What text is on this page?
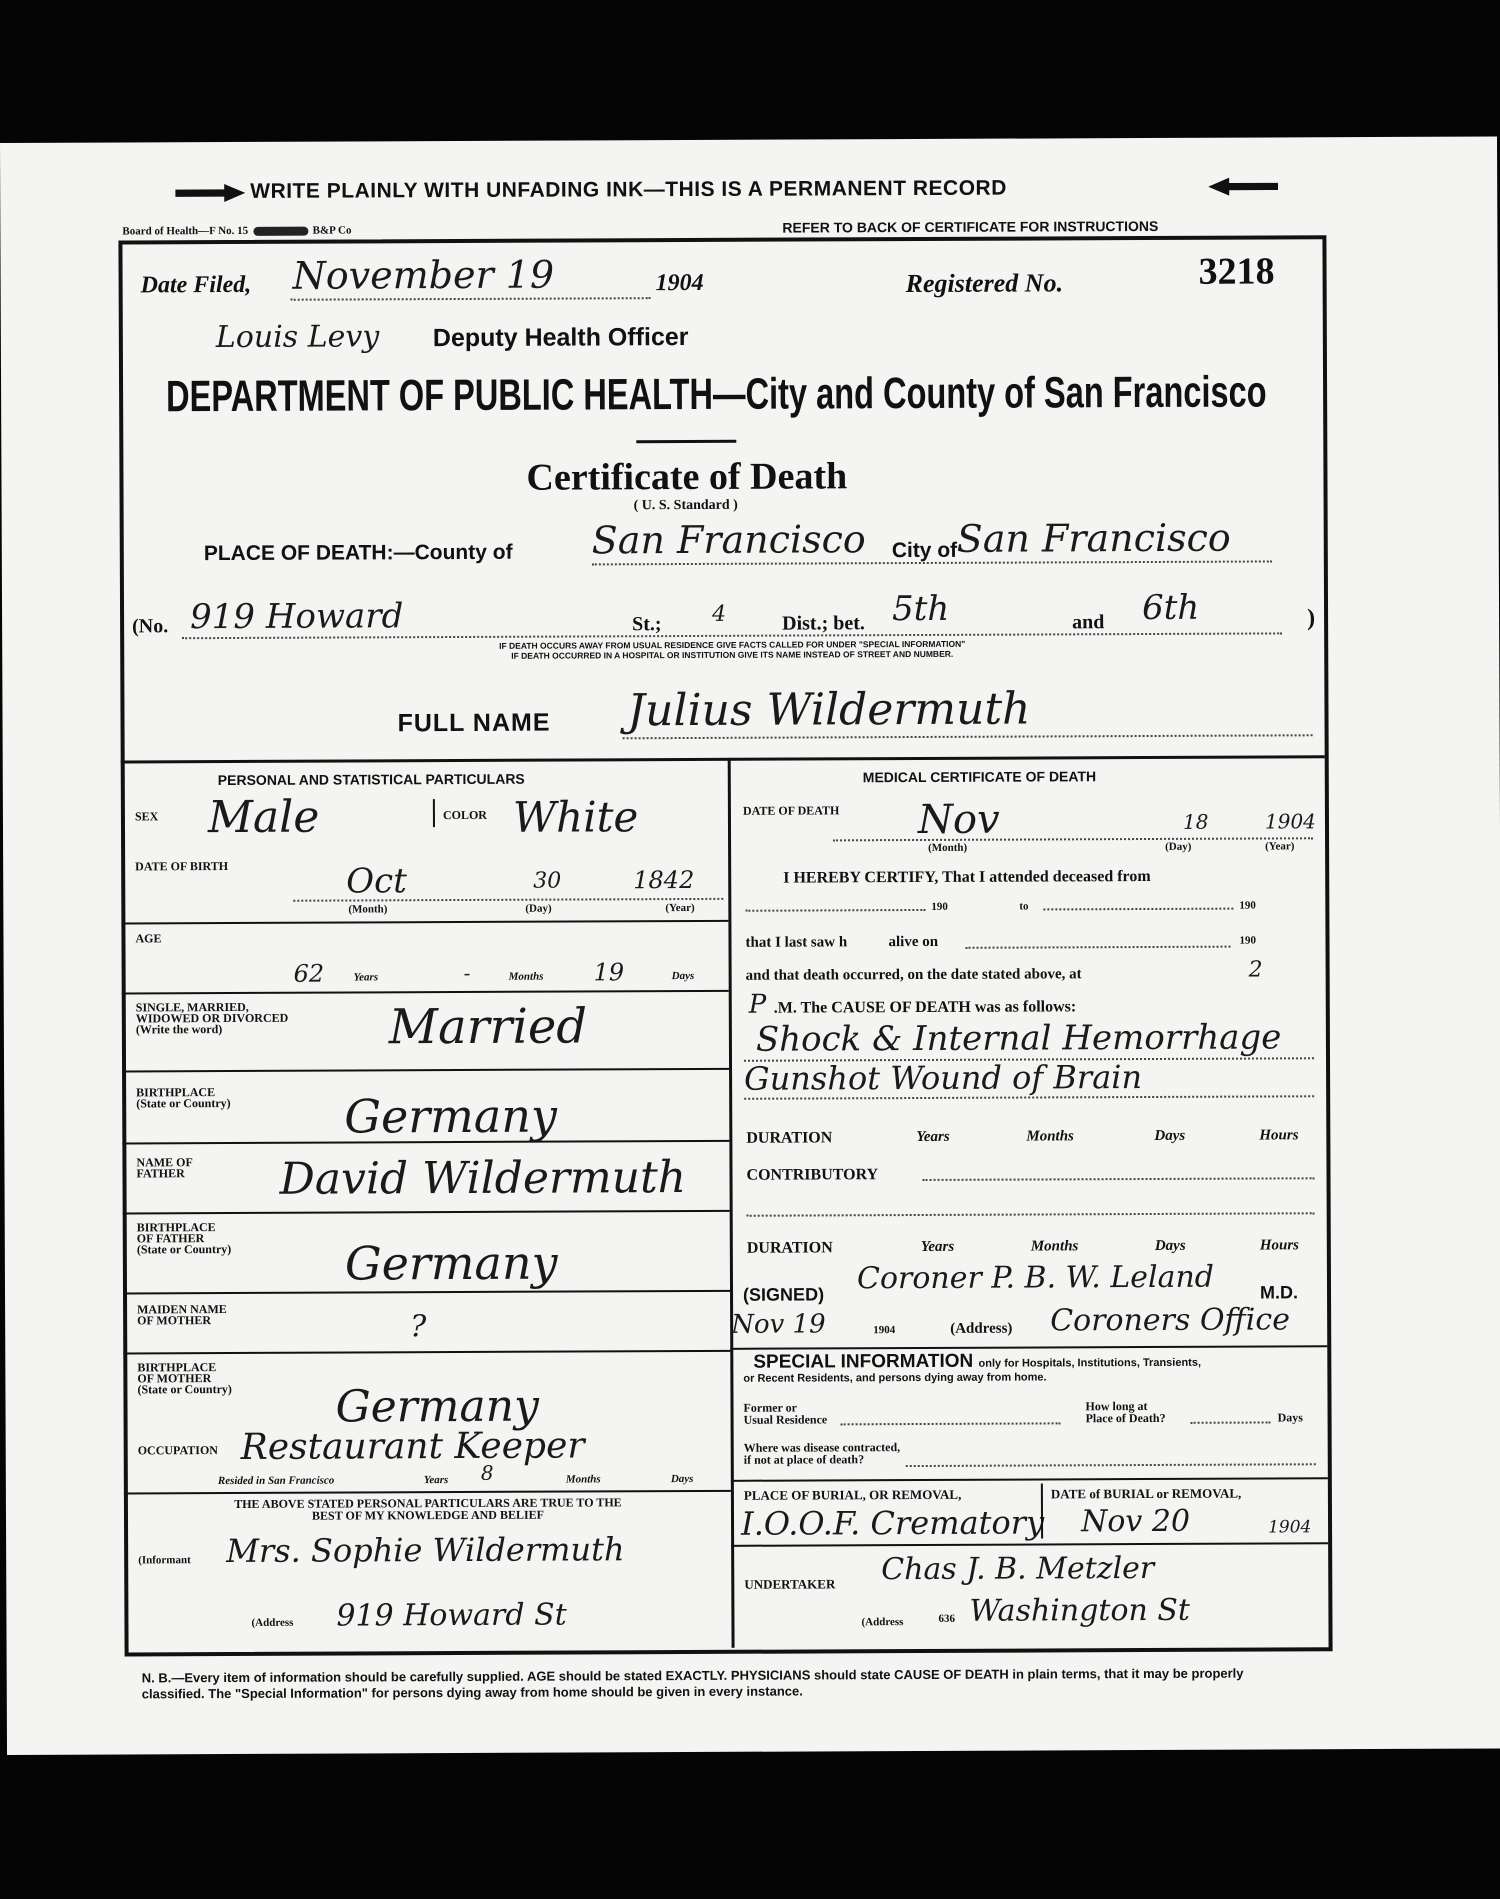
WRITE PLAINLY WITH UNFADING INK—THIS IS A PERMANENT RECORD
Board of Health—F No. 15	B&P Co	REFER TO BACK OF CERTIFICATE FOR INSTRUCTIONS
Date Filed, November 19	1904	Registered No.	3218
Louis Levy Deputy Health Officer
DEPARTMENT OF PUBLIC HEALTH—City and County of San Francisco
Certificate of Death
( U. S. Standard )
PLACE OF DEATH:—County of San Francisco City of San Francisco
(No. 919 Howard	St.; 4	Dist.; bet. 5th	and 6th	)
IF DEATH OCCURS AWAY FROM USUAL RESIDENCE GIVE FACTS CALLED FOR UNDER "SPECIAL INFORMATION"
IF DEATH OCCURRED IN A HOSPITAL OR INSTITUTION GIVE ITS NAME INSTEAD OF STREET AND NUMBER.
FULL NAME Julius Wildermuth
PERSONAL AND STATISTICAL PARTICULARS
SEX Male	COLOR White
DATE OF BIRTH	Oct	30	1842
(Month)	(Day)	(Year)
AGE
62	Years	-	Months 19	Days
SINGLE, MARRIED,
WIDOWED OR DIVORCED
(Write the word)	Married
BIRTHPLACE
(State or Country) Germany
NAME OF
FATHER David Wildermuth
BIRTHPLACE
OF FATHER
(State or Country) Germany
MAIDEN NAME
OF MOTHER	?
BIRTHPLACE
OF MOTHER
(State or Country) Germany
OCCUPATION Restaurant Keeper
Resided in San Francisco	Years 8	Months	Days
THE ABOVE STATED PERSONAL PARTICULARS ARE TRUE TO THE
BEST OF MY KNOWLEDGE AND BELIEF
(Informant Mrs. Sophie Wildermuth
(Address 919 Howard St
MEDICAL CERTIFICATE OF DEATH
DATE OF DEATH Nov	18	1904
(Month)	(Day)	(Year)
I HEREBY CERTIFY, That I attended deceased from
190	to	190
that I last saw h	alive on	190
and that death occurred, on the date stated above, at	2
P .M. The CAUSE OF DEATH was as follows:
Shock & Internal Hemorrhage
Gunshot Wound of Brain
DURATION	Years	Months	Days	Hours
CONTRIBUTORY
DURATION	Years	Months	Days	Hours
(SIGNED) Coroner P. B. W. Leland	M.D.
Nov 19	1904	(Address) Coroners Office
SPECIAL INFORMATION only for Hospitals, Institutions, Transients,
or Recent Residents, and persons dying away from home.
Former or
Usual Residence
How long at
Place of Death?	Days
Where was disease contracted,
if not at place of death?
PLACE OF BURIAL, OR REMOVAL,
I.O.O.F. Crematory
DATE of BURIAL or REMOVAL,
Nov 20	1904
UNDERTAKER Chas J. B. Metzler
(Address	636 Washington St
N. B.—Every item of information should be carefully supplied. AGE should be stated EXACTLY. PHYSICIANS should state CAUSE OF DEATH in plain terms, that it may be properly classified. The "Special Information" for persons dying away from home should be given in every instance.
